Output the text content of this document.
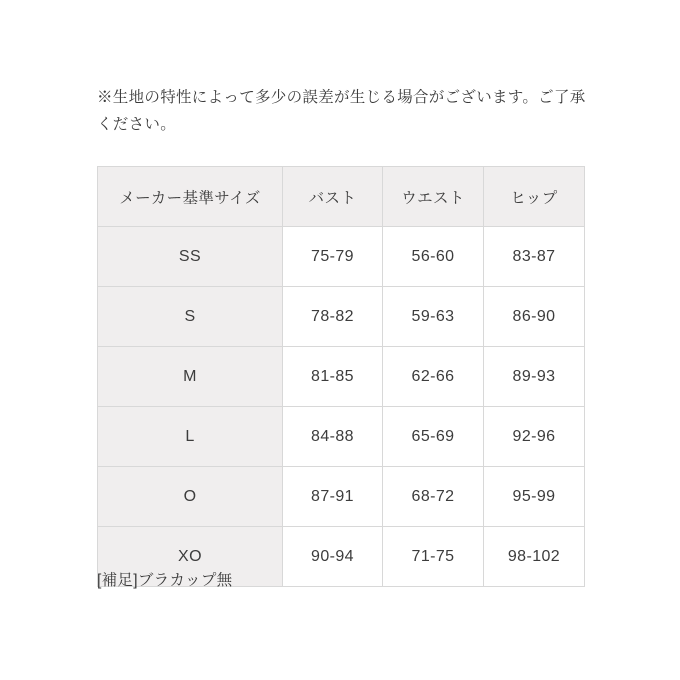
※生地の特性によって多少の誤差が生じる場合がございます。ご了承ください。
メーカー基準サイズ	バスト	ウエスト	ヒップ
SS	75-79	56-60	83-87
S	78-82	59-63	86-90
M	81-85	62-66	89-93
L	84-88	65-69	92-96
O	87-91	68-72	95-99
XO	90-94	71-75	98-102
[補足]ブラカップ無
